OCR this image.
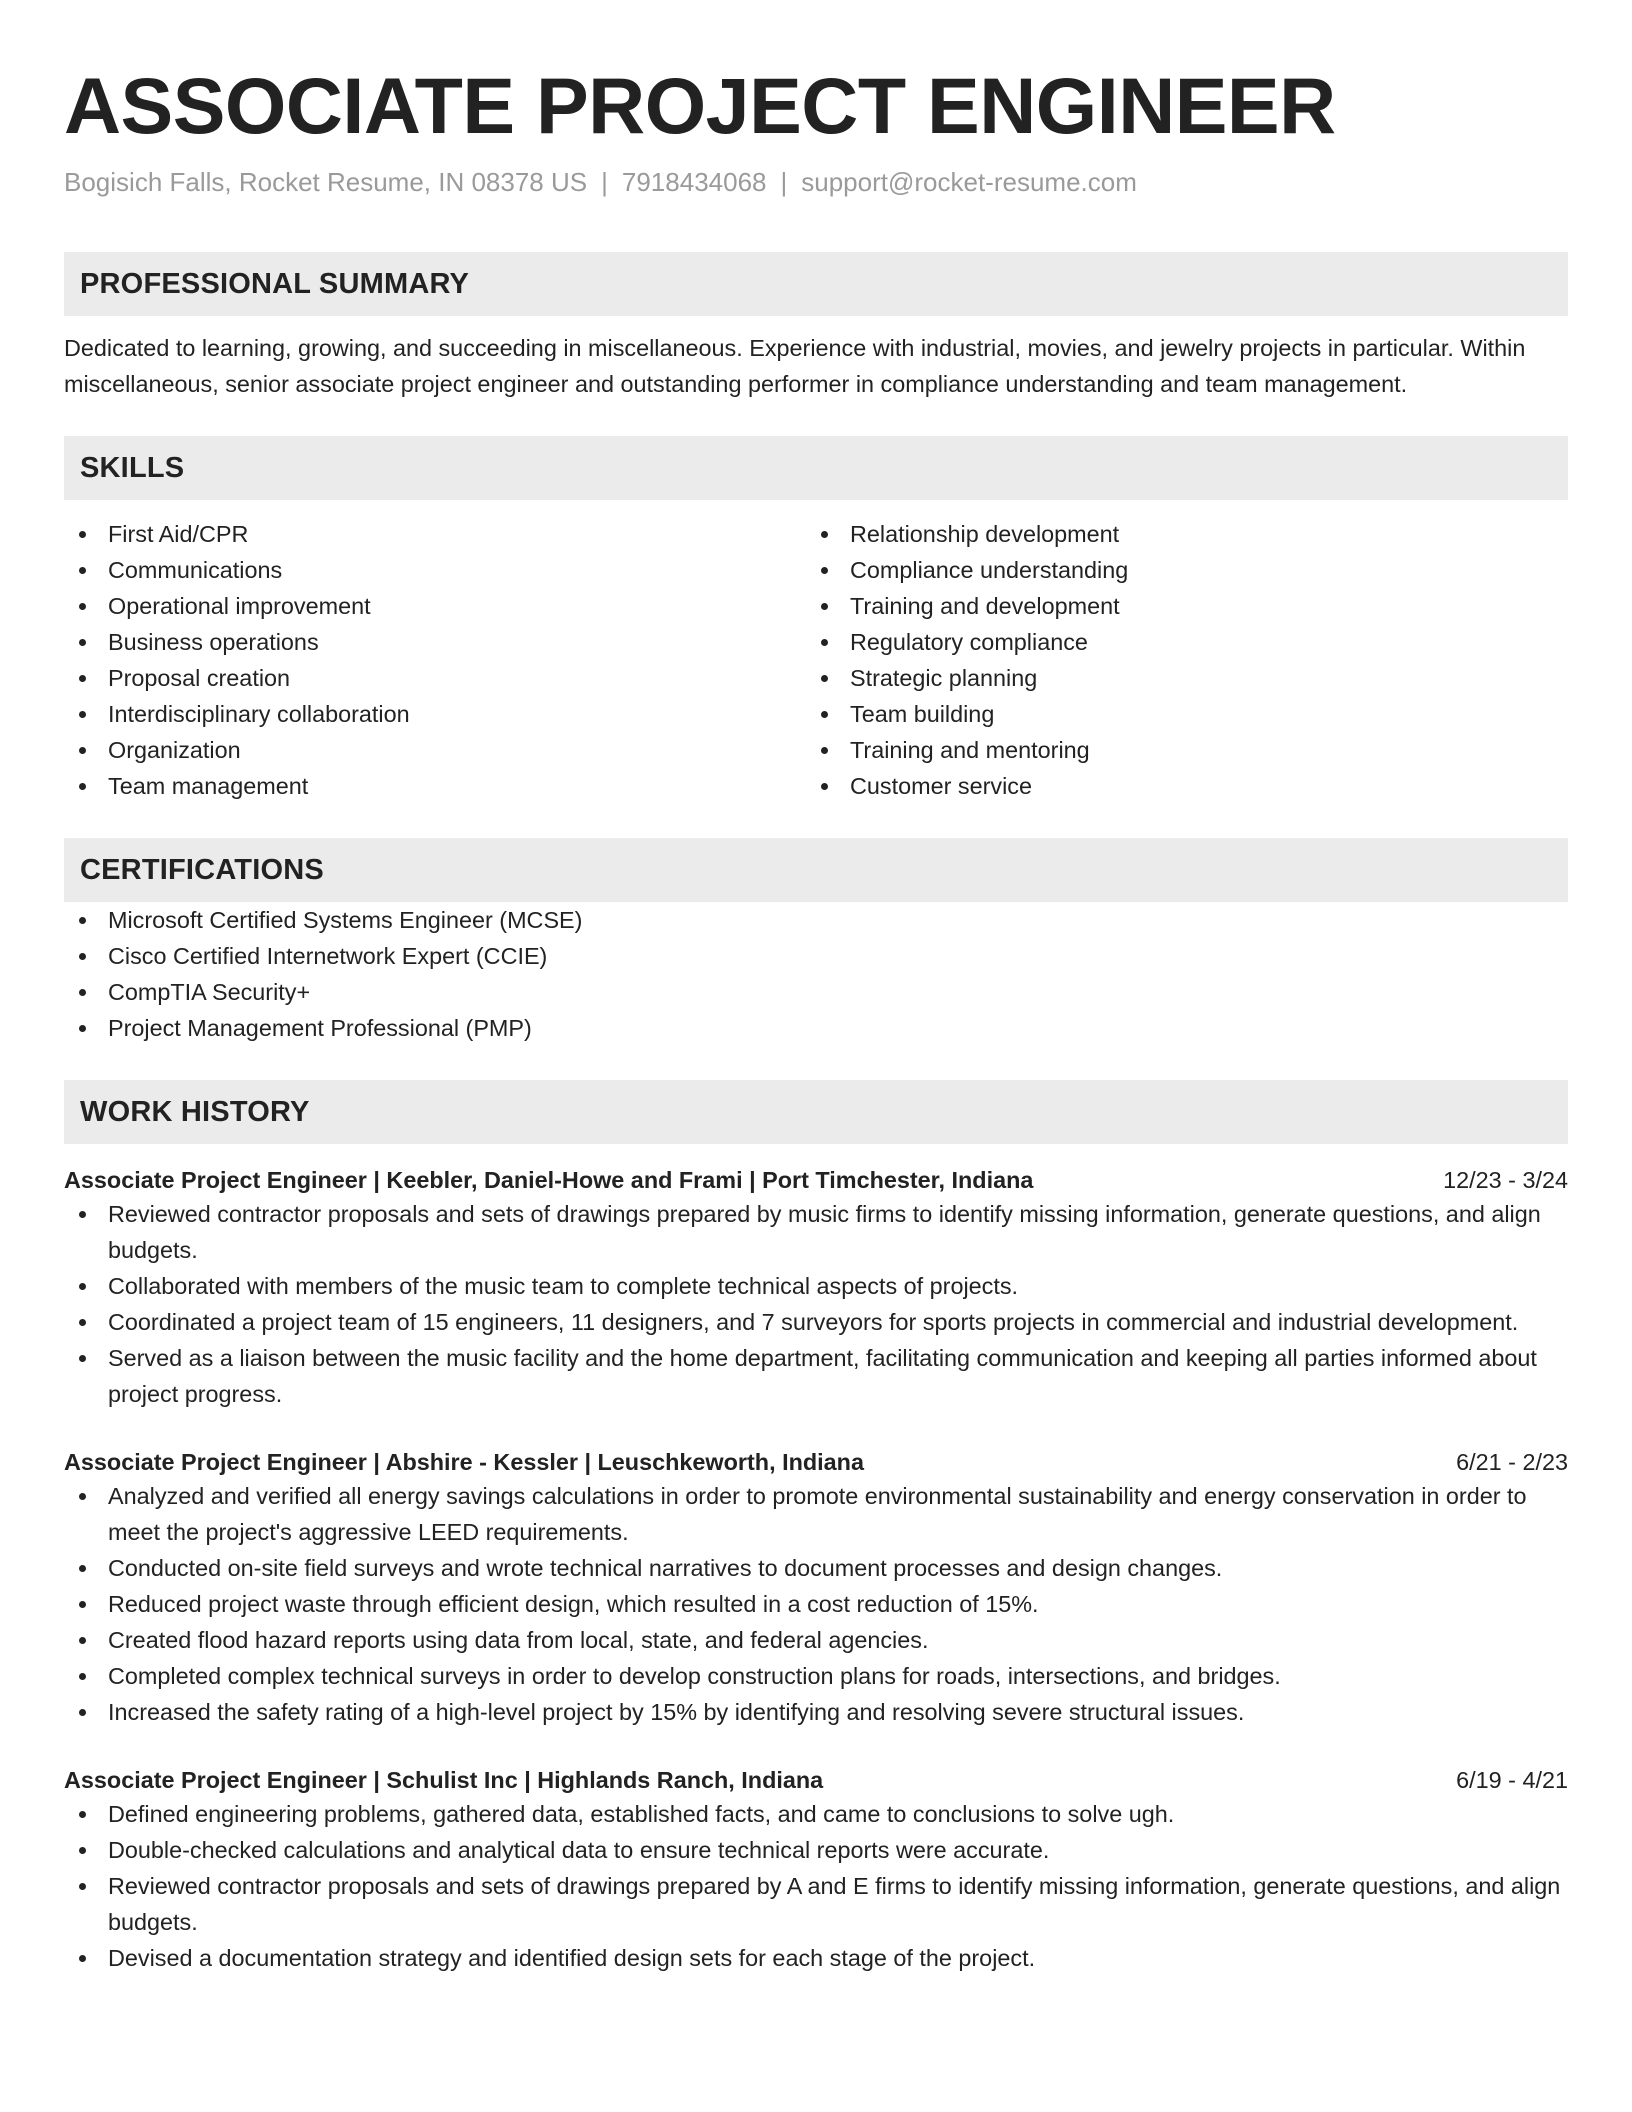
ASSOCIATE PROJECT ENGINEER
Bogisich Falls, Rocket Resume, IN 08378 US | 7918434068 | support@rocket-resume.com
PROFESSIONAL SUMMARY
Dedicated to learning, growing, and succeeding in miscellaneous. Experience with industrial, movies, and jewelry projects in particular. Within miscellaneous, senior associate project engineer and outstanding performer in compliance understanding and team management.
SKILLS
First Aid/CPR
Communications
Operational improvement
Business operations
Proposal creation
Interdisciplinary collaboration
Organization
Team management
Relationship development
Compliance understanding
Training and development
Regulatory compliance
Strategic planning
Team building
Training and mentoring
Customer service
CERTIFICATIONS
Microsoft Certified Systems Engineer (MCSE)
Cisco Certified Internetwork Expert (CCIE)
CompTIA Security+
Project Management Professional (PMP)
WORK HISTORY
Associate Project Engineer | Keebler, Daniel-Howe and Frami | Port Timchester, Indiana	12/23 - 3/24
Reviewed contractor proposals and sets of drawings prepared by music firms to identify missing information, generate questions, and align budgets.
Collaborated with members of the music team to complete technical aspects of projects.
Coordinated a project team of 15 engineers, 11 designers, and 7 surveyors for sports projects in commercial and industrial development.
Served as a liaison between the music facility and the home department, facilitating communication and keeping all parties informed about project progress.
Associate Project Engineer | Abshire - Kessler | Leuschkeworth, Indiana	6/21 - 2/23
Analyzed and verified all energy savings calculations in order to promote environmental sustainability and energy conservation in order to meet the project's aggressive LEED requirements.
Conducted on-site field surveys and wrote technical narratives to document processes and design changes.
Reduced project waste through efficient design, which resulted in a cost reduction of 15%.
Created flood hazard reports using data from local, state, and federal agencies.
Completed complex technical surveys in order to develop construction plans for roads, intersections, and bridges.
Increased the safety rating of a high-level project by 15% by identifying and resolving severe structural issues.
Associate Project Engineer | Schulist Inc | Highlands Ranch, Indiana	6/19 - 4/21
Defined engineering problems, gathered data, established facts, and came to conclusions to solve ugh.
Double-checked calculations and analytical data to ensure technical reports were accurate.
Reviewed contractor proposals and sets of drawings prepared by A and E firms to identify missing information, generate questions, and align budgets.
Devised a documentation strategy and identified design sets for each stage of the project.
